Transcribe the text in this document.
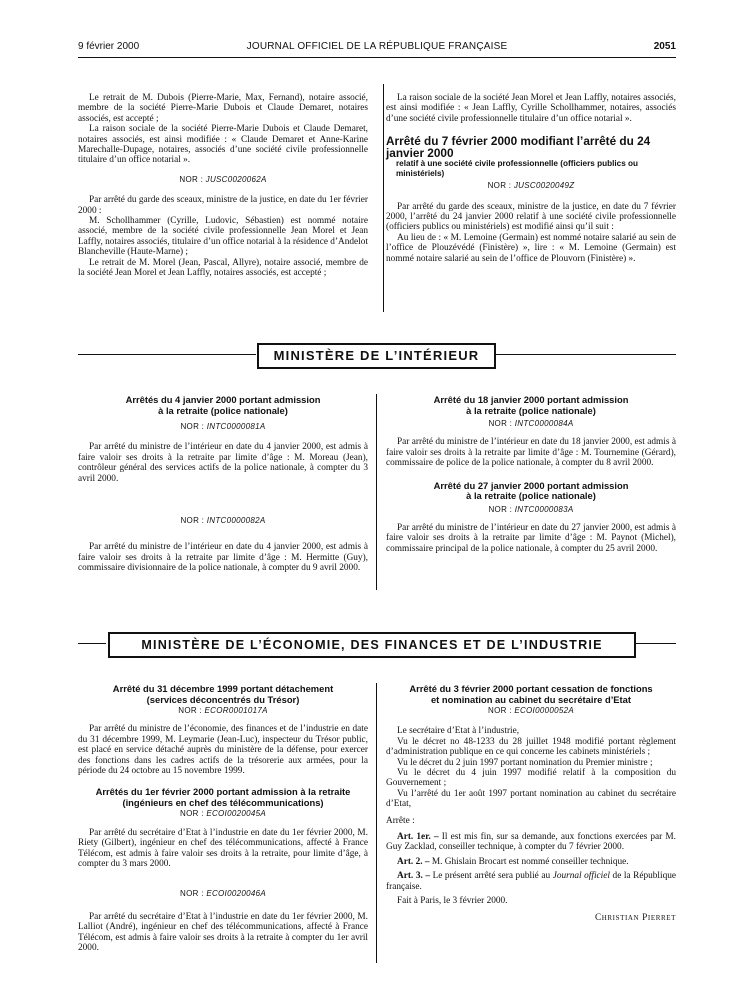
9 février 2000	JOURNAL OFFICIEL DE LA RÉPUBLIQUE FRANÇAISE	2051

Le retrait de M. Dubois (Pierre-Marie, Max, Fernand), notaire associé, membre de la société Pierre-Marie Dubois et Claude Demaret, notaires associés, est accepté ;

La raison sociale de la société Pierre-Marie Dubois et Claude Demaret, notaires associés, est ainsi modifiée : « Claude Demaret et Anne-Karine Marechalle-Dupage, notaires, associés d’une société civile professionnelle titulaire d’un office notarial ».

NOR : JUSC0020062A

Par arrêté du garde des sceaux, ministre de la justice, en date du 1er février 2000 :

M. Schollhammer (Cyrille, Ludovic, Sébastien) est nommé notaire associé, membre de la société civile professionnelle Jean Morel et Jean Laffly, notaires associés, titulaire d’un office notarial à la résidence d’Andelot Blancheville (Haute-Marne) ;

Le retrait de M. Morel (Jean, Pascal, Allyre), notaire associé, membre de la société Jean Morel et Jean Laffly, notaires associés, est accepté ;

La raison sociale de la société Jean Morel et Jean Laffly, notaires associés, est ainsi modifiée : « Jean Laffly, Cyrille Schollhammer, notaires, associés d’une société civile professionnelle titulaire d’un office notarial ».

Arrêté du 7 février 2000 modifiant l’arrêté du 24 janvier 2000
relatif à une société civile professionnelle (officiers publics ou ministériels)
NOR : JUSC0020049Z

Par arrêté du garde des sceaux, ministre de la justice, en date du 7 février 2000, l’arrêté du 24 janvier 2000 relatif à une société civile professionnelle (officiers publics ou ministériels) est modifié ainsi qu’il suit :

Au lieu de : « M. Lemoine (Germain) est nommé notaire salarié au sein de l’office de Plouzévédé (Finistère) », lire : « M. Lemoine (Germain) est nommé notaire salarié au sein de l’office de Plouvorn (Finistère) ».

MINISTÈRE DE L’INTÉRIEUR
Arrêtés du 4 janvier 2000 portant admission
à la retraite (police nationale)
NOR : INTC0000081A

Par arrêté du ministre de l’intérieur en date du 4 janvier 2000, est admis à faire valoir ses droits à la retraite par limite d’âge : M. Moreau (Jean), contrôleur général des services actifs de la police nationale, à compter du 3 avril 2000.

NOR : INTC0000082A

Par arrêté du ministre de l’intérieur en date du 4 janvier 2000, est admis à faire valoir ses droits à la retraite par limite d’âge : M. Hermitte (Guy), commissaire divisionnaire de la police nationale, à compter du 9 avril 2000.

Arrêté du 18 janvier 2000 portant admission
à la retraite (police nationale)
NOR : INTC0000084A

Par arrêté du ministre de l’intérieur en date du 18 janvier 2000, est admis à faire valoir ses droits à la retraite par limite d’âge : M. Tournemine (Gérard), commissaire de police de la police nationale, à compter du 8 avril 2000.

Arrêté du 27 janvier 2000 portant admission
à la retraite (police nationale)
NOR : INTC0000083A

Par arrêté du ministre de l’intérieur en date du 27 janvier 2000, est admis à faire valoir ses droits à la retraite par limite d’âge : M. Paynot (Michel), commissaire principal de la police nationale, à compter du 25 avril 2000.

MINISTÈRE DE L’ÉCONOMIE, DES FINANCES ET DE L’INDUSTRIE
Arrêté du 31 décembre 1999 portant détachement
(services déconcentrés du Trésor)
NOR : ECOR0001017A

Par arrêté du ministre de l’économie, des finances et de l’industrie en date du 31 décembre 1999, M. Leymarie (Jean-Luc), inspecteur du Trésor public, est placé en service détaché auprès du ministère de la défense, pour exercer des fonctions dans les cadres actifs de la trésorerie aux armées, pour la période du 24 octobre au 15 novembre 1999.

Arrêtés du 1er février 2000 portant admission à la retraite
(ingénieurs en chef des télécommunications)
NOR : ECOI0020045A

Par arrêté du secrétaire d’Etat à l’industrie en date du 1er février 2000, M. Riety (Gilbert), ingénieur en chef des télécommunications, affecté à France Télécom, est admis à faire valoir ses droits à la retraite, pour limite d’âge, à compter du 3 mars 2000.

NOR : ECOI0020046A

Par arrêté du secrétaire d’Etat à l’industrie en date du 1er février 2000, M. Lalliot (André), ingénieur en chef des télécommunications, affecté à France Télécom, est admis à faire valoir ses droits à la retraite à compter du 1er avril 2000.

Arrêté du 3 février 2000 portant cessation de fonctions
et nomination au cabinet du secrétaire d’Etat
NOR : ECOI0000052A

Le secrétaire d’Etat à l’industrie,

Vu le décret no 48-1233 du 28 juillet 1948 modifié portant règlement d’administration publique en ce qui concerne les cabinets ministériels ;

Vu le décret du 2 juin 1997 portant nomination du Premier ministre ;

Vu le décret du 4 juin 1997 modifié relatif à la composition du Gouvernement ;

Vu l’arrêté du 1er août 1997 portant nomination au cabinet du secrétaire d’Etat,

Arrête :

Art. 1er. – Il est mis fin, sur sa demande, aux fonctions exercées par M. Guy Zacklad, conseiller technique, à compter du 7 février 2000.

Art. 2. – M. Ghislain Brocart est nommé conseiller technique.

Art. 3. – Le présent arrêté sera publié au Journal officiel de la République française.

Fait à Paris, le 3 février 2000.

Christian Pierret
